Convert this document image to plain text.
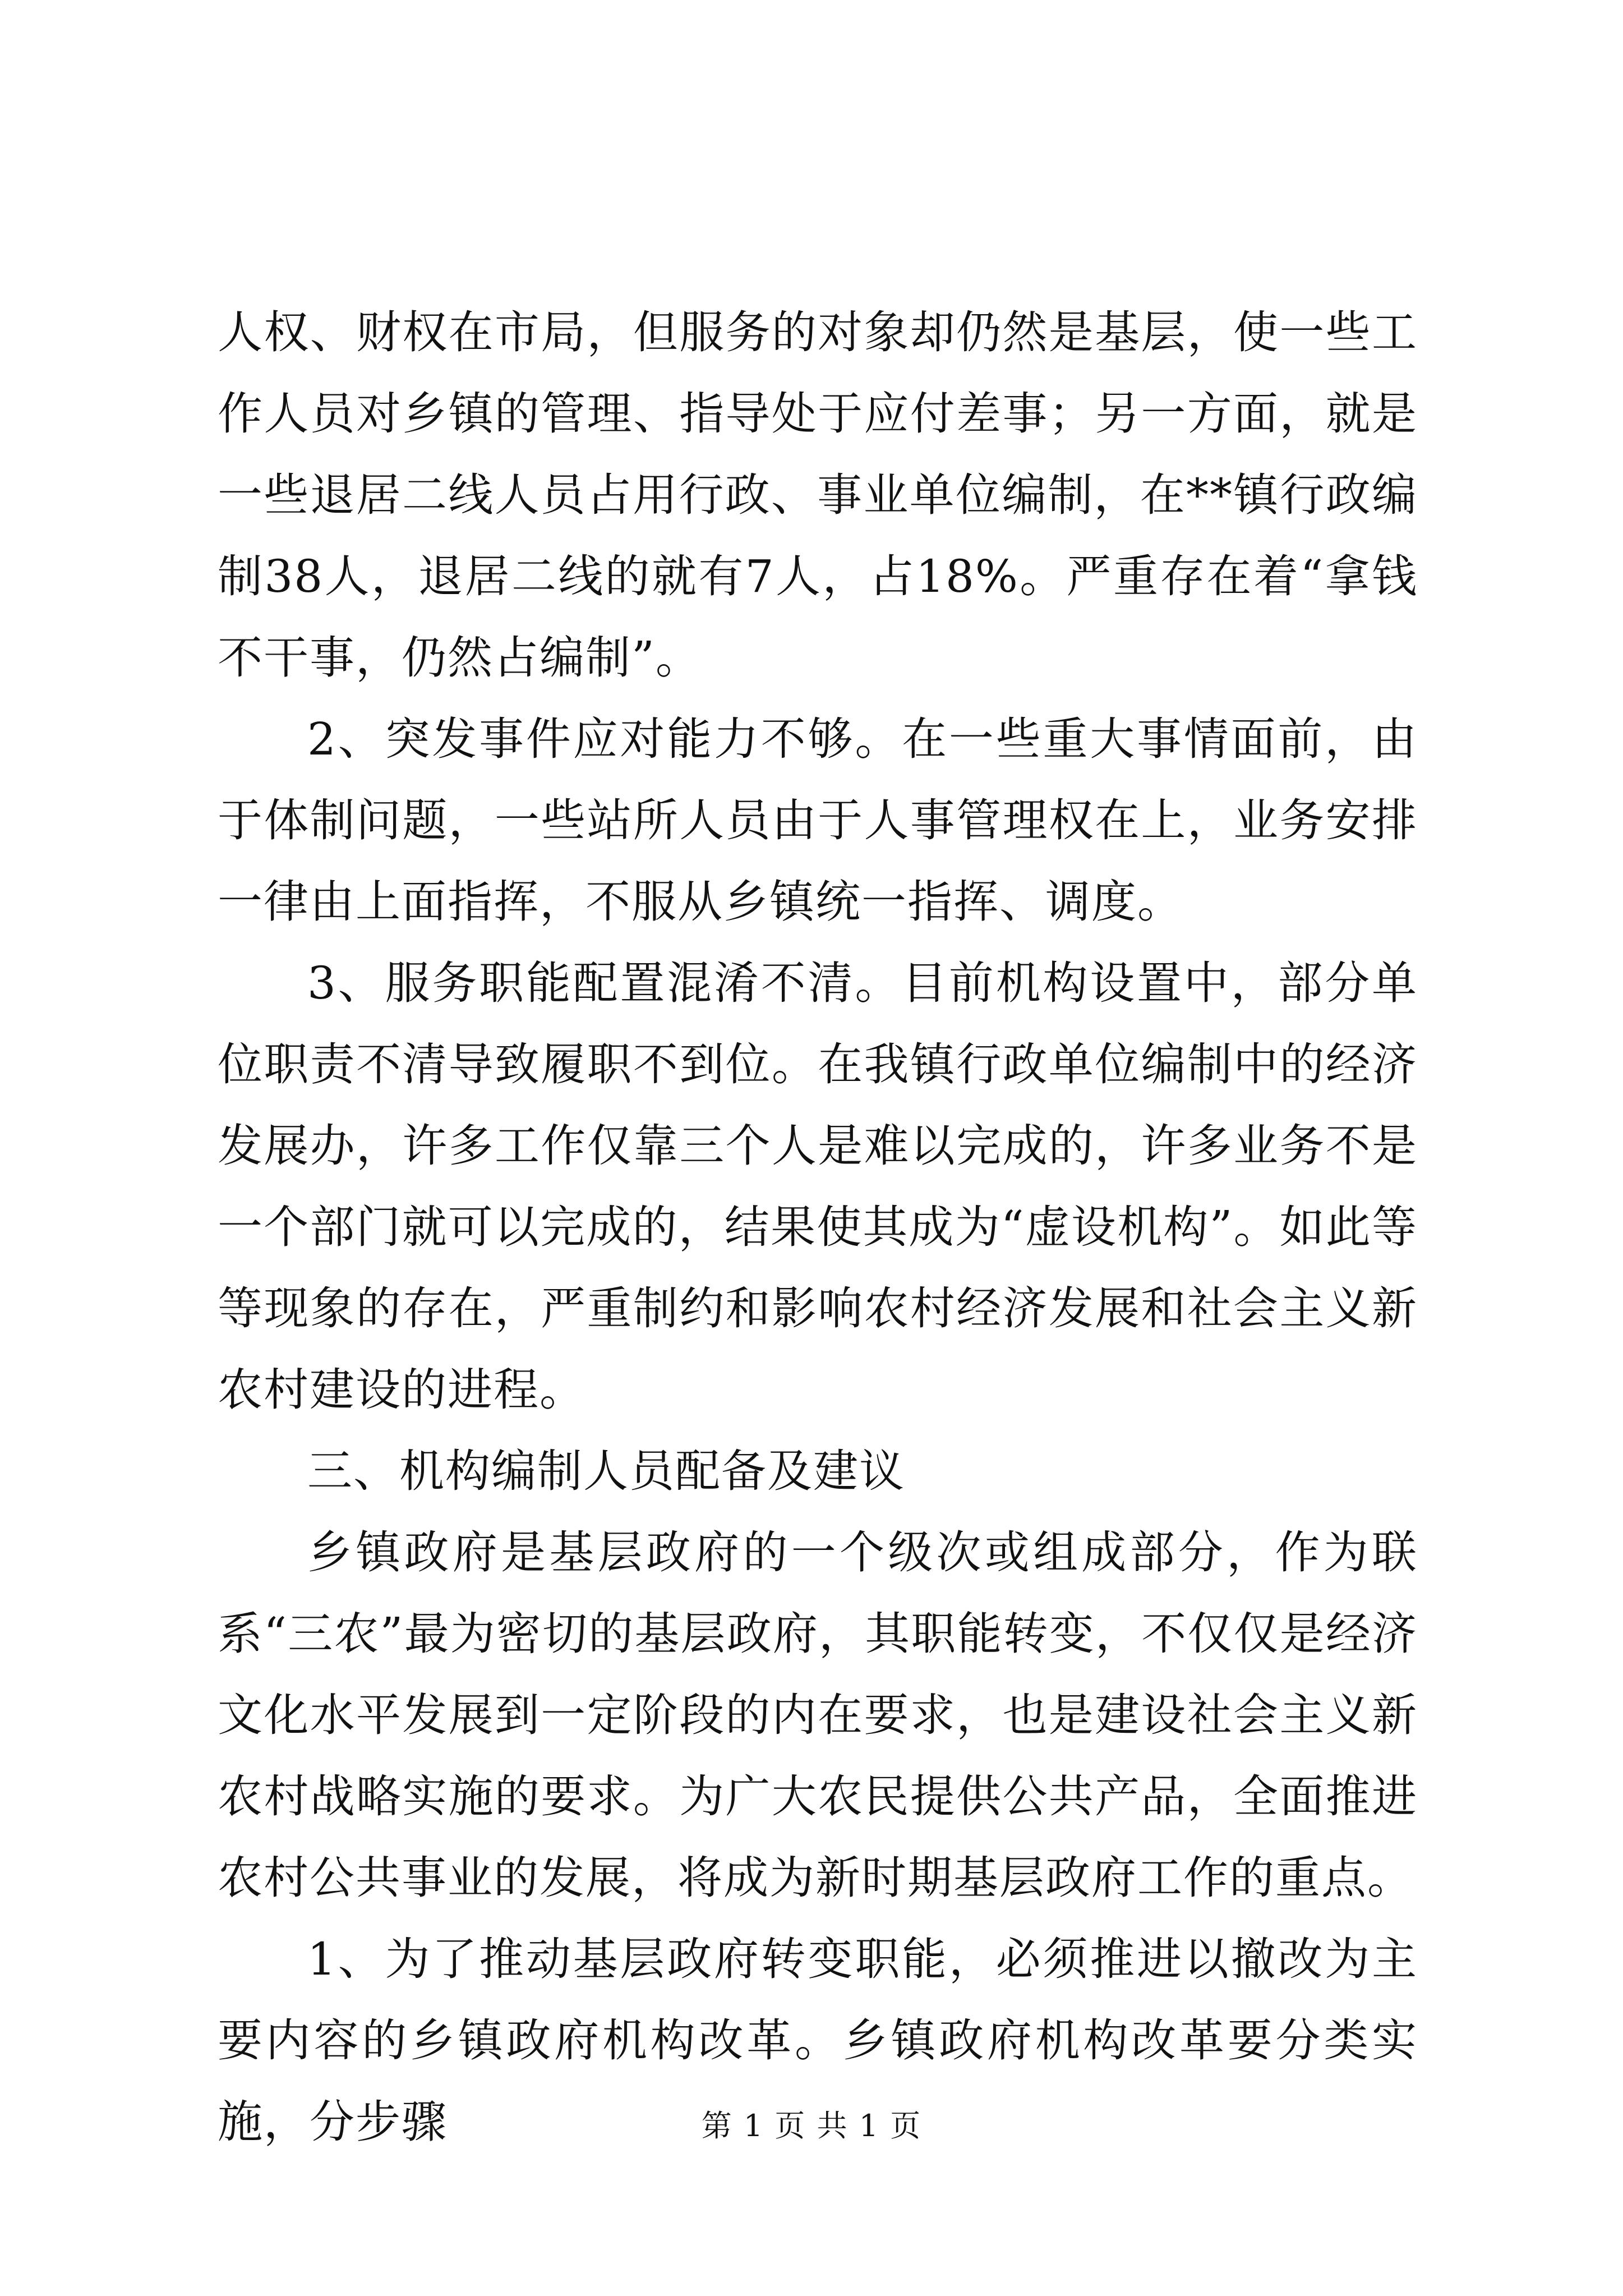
人权、财权在市局，但服务的对象却仍然是基层，使一些工作人员对乡镇的管理、指导处于应付差事；另一方面，就是一些退居二线人员占用行政、事业单位编制，在**镇行政编制38人，退居二线的就有7人，占18%。严重存在着“拿钱不干事，仍然占编制”。

2、突发事件应对能力不够。在一些重大事情面前，由于体制问题，一些站所人员由于人事管理权在上，业务安排一律由上面指挥，不服从乡镇统一指挥、调度。

3、服务职能配置混淆不清。目前机构设置中，部分单位职责不清导致履职不到位。在我镇行政单位编制中的经济发展办，许多工作仅靠三个人是难以完成的，许多业务不是一个部门就可以完成的，结果使其成为“虚设机构”。如此等等现象的存在，严重制约和影响农村经济发展和社会主义新农村建设的进程。

三、机构编制人员配备及建议

乡镇政府是基层政府的一个级次或组成部分，作为联系“三农”最为密切的基层政府，其职能转变，不仅仅是经济文化水平发展到一定阶段的内在要求，也是建设社会主义新农村战略实施的要求。为广大农民提供公共产品，全面推进农村公共事业的发展，将成为新时期基层政府工作的重点。

1、为了推动基层政府转变职能，必须推进以撤改为主要内容的乡镇政府机构改革。乡镇政府机构改革要分类实施，分步骤	第 1 页 共 1 页
